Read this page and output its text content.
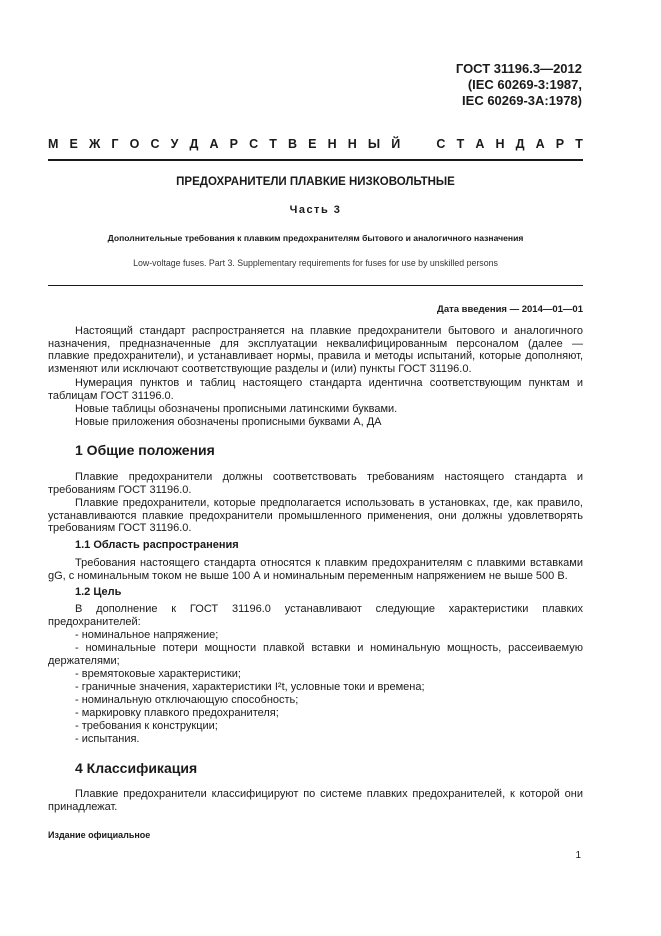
ГОСТ 31196.3—2012
(IEC 60269-3:1987,
IEC 60269-3А:1978)
М Е Ж Г О С У Д А Р С Т В Е Н Н Ы Й	С Т А Н Д А Р Т
ПРЕДОХРАНИТЕЛИ ПЛАВКИЕ НИЗКОВОЛЬТНЫЕ
Часть 3
Дополнительные требования к плавким предохранителям бытового и аналогичного назначения
Low-voltage fuses. Part 3. Supplementary requirements for fuses for use by unskilled persons
Дата введения — 2014—01—01
Настоящий стандарт распространяется на плавкие предохранители бытового и аналогичного назначения, предназначенные для эксплуатации неквалифицированным персоналом (далее — плавкие предохранители), и устанавливает нормы, правила и методы испытаний, которые дополняют, изменяют или исключают соответствующие разделы и (или) пункты ГОСТ 31196.0.
Нумерация пунктов и таблиц настоящего стандарта идентична соответствующим пунктам и таблицам ГОСТ 31196.0.
Новые таблицы обозначены прописными латинскими буквами.
Новые приложения обозначены прописными буквами А, ДА
1 Общие положения
Плавкие предохранители должны соответствовать требованиям настоящего стандарта и требованиям ГОСТ 31196.0.
Плавкие предохранители, которые предполагается использовать в установках, где, как правило, устанавливаются плавкие предохранители промышленного применения, они должны удовлетворять требованиям ГОСТ 31196.0.
1.1 Область распространения
Требования настоящего стандарта относятся к плавким предохранителям с плавкими вставками gG, с номинальным током не выше 100 А и номинальным переменным напряжением не выше 500 В.
1.2 Цель
В дополнение к ГОСТ 31196.0 устанавливают следующие характеристики плавких предохранителей:
- номинальное напряжение;
- номинальные потери мощности плавкой вставки и номинальную мощность, рассеиваемую держателями;
- времятоковые характеристики;
- граничные значения, характеристики I²t, условные токи и времена;
- номинальную отключающую способность;
- маркировку плавкого предохранителя;
- требования к конструкции;
- испытания.
4 Классификация
Плавкие предохранители классифицируют по системе плавких предохранителей, к которой они принадлежат.
Издание официальное
1
